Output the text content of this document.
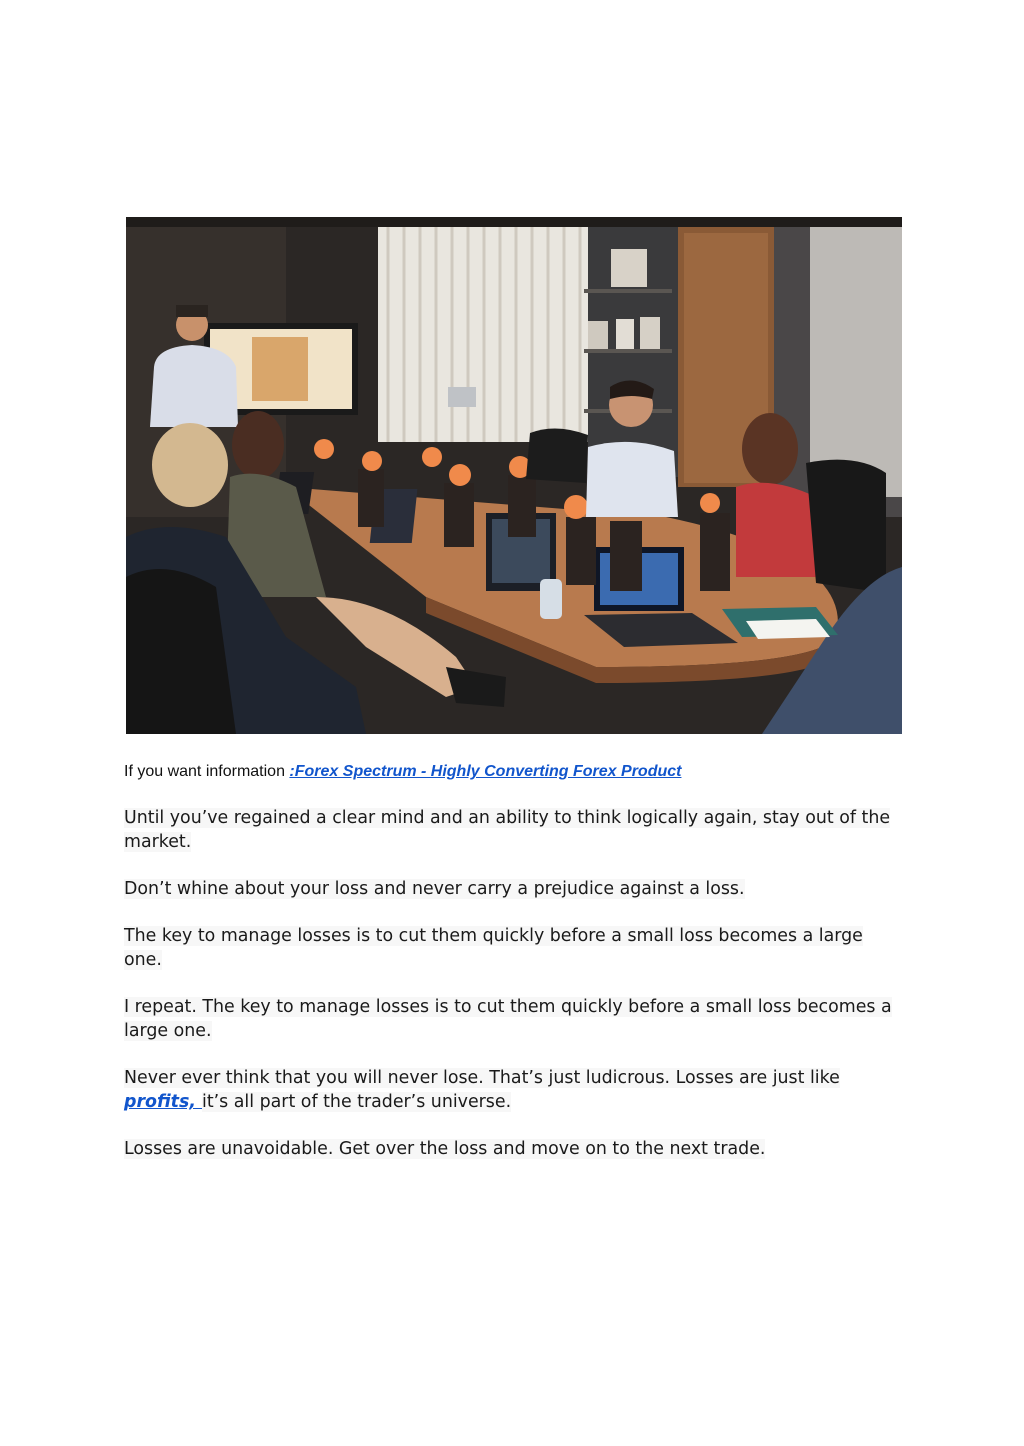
If you want information :Forex Spectrum - Highly Converting Forex Product

Until you’ve regained a clear mind and an ability to think logically again, stay out of the market.

Don’t whine about your loss and never carry a prejudice against a loss.

The key to manage losses is to cut them quickly before a small loss becomes a large one.

I repeat. The key to manage losses is to cut them quickly before a small loss becomes a large one.

Never ever think that you will never lose. That’s just ludicrous. Losses are just like profits, it’s all part of the trader’s universe.

Losses are unavoidable. Get over the loss and move on to the next trade.
